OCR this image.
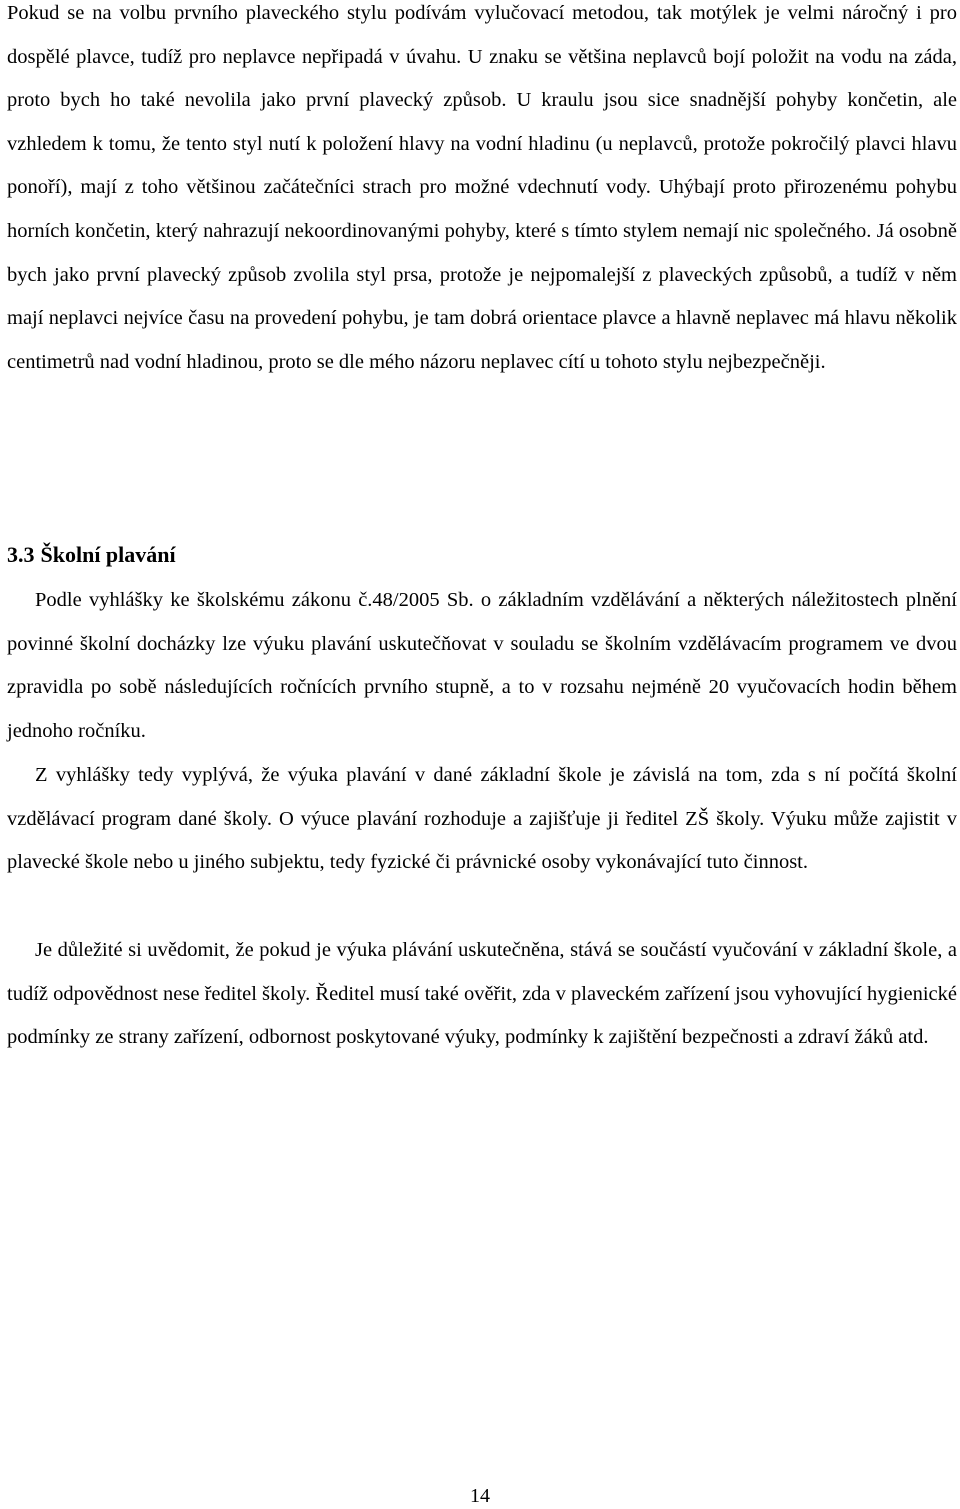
Pokud se na volbu prvního plaveckého stylu podívám vylučovací metodou, tak motýlek je velmi náročný i pro dospělé plavce, tudíž pro neplavce nepřipadá v úvahu. U znaku se většina neplavců bojí položit na vodu na záda, proto bych ho také nevolila jako první plavecký způsob. U kraulu jsou sice snadnější pohyby končetin, ale vzhledem k tomu, že tento styl nutí k položení hlavy na vodní hladinu (u neplavců, protože pokročilý plavci hlavu ponoří), mají z toho většinou začátečníci strach pro možné vdechnutí vody. Uhýbají proto přirozenému pohybu horních končetin, který nahrazují nekoordinovanými pohyby, které s tímto stylem nemají nic společného. Já osobně bych jako první plavecký způsob zvolila styl prsa, protože je nejpomalejší z plaveckých způsobů, a tudíž v něm mají neplavci nejvíce času na provedení pohybu, je tam dobrá orientace plavce a hlavně neplavec má hlavu několik centimetrů nad vodní hladinou, proto se dle mého názoru neplavec cítí u tohoto stylu nejbezpečněji.

3.3 Školní plavání

Podle vyhlášky ke školskému zákonu č.48/2005 Sb. o základním vzdělávání a některých náležitostech plnění povinné školní docházky lze výuku plavání uskutečňovat v souladu se školním vzdělávacím programem ve dvou zpravidla po sobě následujících ročnících prvního stupně, a to v rozsahu nejméně 20 vyučovacích hodin během jednoho ročníku.

Z vyhlášky tedy vyplývá, že výuka plavání v dané základní škole je závislá na tom, zda s ní počítá školní vzdělávací program dané školy. O výuce plavání rozhoduje a zajišťuje ji ředitel ZŠ školy. Výuku může zajistit v plavecké škole nebo u jiného subjektu, tedy fyzické či právnické osoby vykonávající tuto činnost.

Je důležité si uvědomit, že pokud je výuka plávání uskutečněna, stává se součástí vyučování v základní škole, a tudíž odpovědnost nese ředitel školy. Ředitel musí také ověřit, zda v plaveckém zařízení jsou vyhovující hygienické podmínky ze strany zařízení, odbornost poskytované výuky, podmínky k zajištění bezpečnosti a zdraví žáků atd.

14
